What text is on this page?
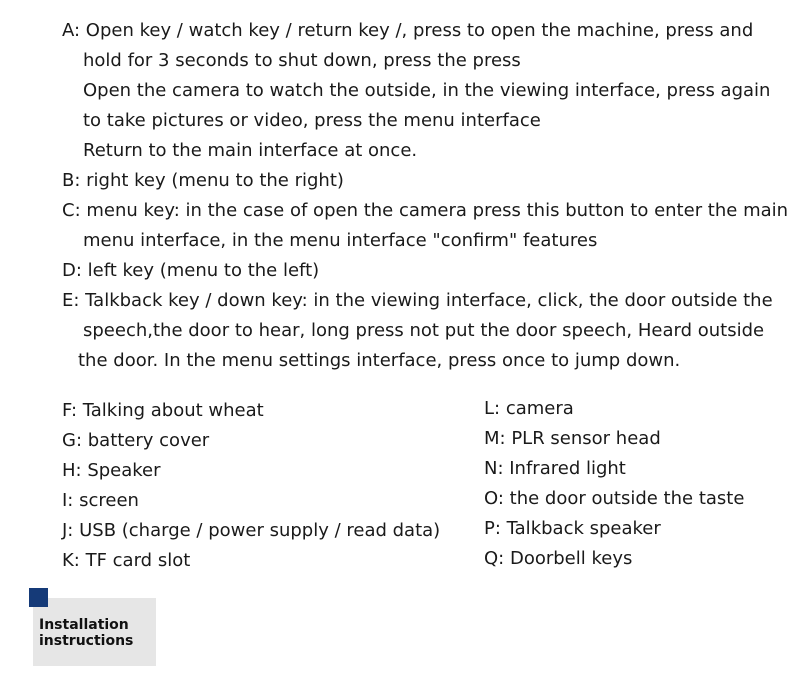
A: Open key / watch key / return key /, press to open the machine, press and
hold for 3 seconds to shut down, press the press
Open the camera to watch the outside, in the viewing interface, press again
to take pictures or video, press the menu interface
Return to the main interface at once.

B: right key (menu to the right)

C: menu key: in the case of open the camera press this button to enter the main
menu interface, in the menu interface "confirm" features

D: left key (menu to the left)

E: Talkback key / down key: in the viewing interface, click, the door outside the
speech,the door to hear, long press not put the door speech, Heard outside
the door. In the menu settings interface, press once to jump down.

F: Talking about wheat
G: battery cover
H: Speaker
I: screen
J: USB (charge / power supply / read data)
K: TF card slot
L: camera
M: PLR sensor head
N: Infrared light
O: the door outside the taste
P: Talkback speaker
Q: Doorbell keys
Installation
instructions
